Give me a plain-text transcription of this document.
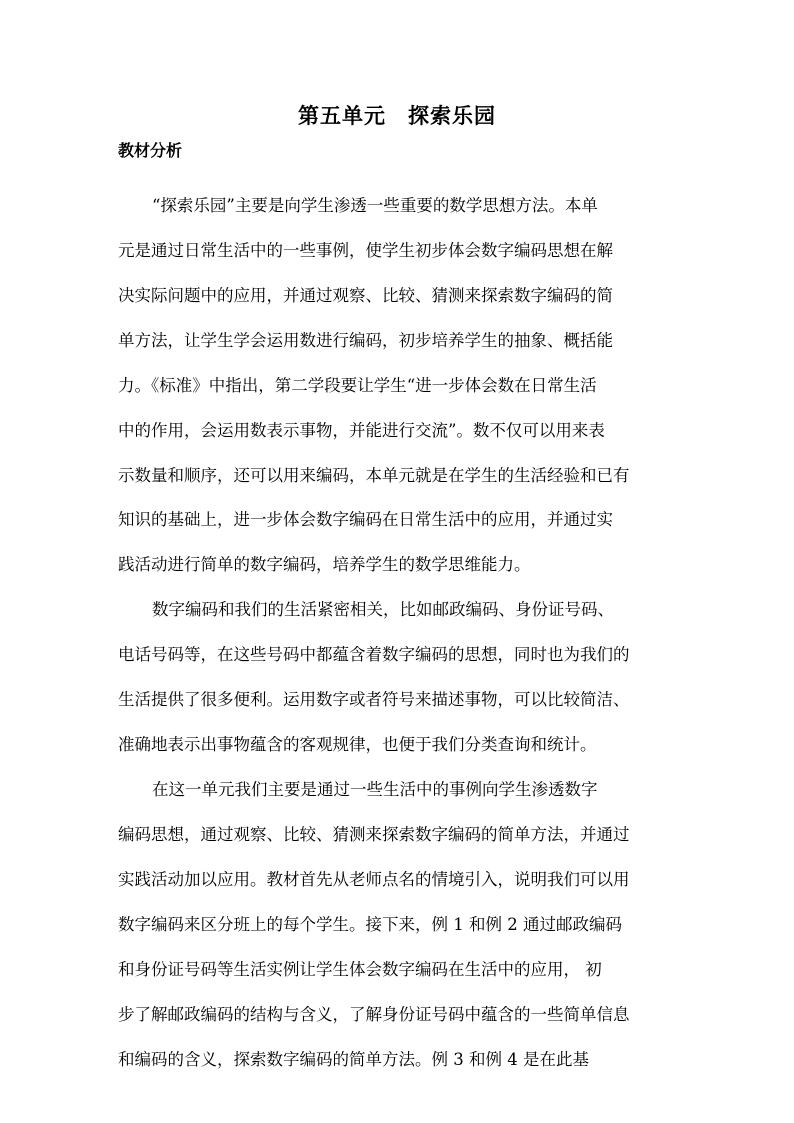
第五单元　探索乐园
教材分析
“探索乐园”主要是向学生渗透一些重要的数学思想方法。本单
元是通过日常生活中的一些事例，使学生初步体会数字编码思想在解
决实际问题中的应用，并通过观察、比较、猜测来探索数字编码的简
单方法，让学生学会运用数进行编码，初步培养学生的抽象、概括能
力。《标准》中指出，第二学段要让学生“进一步体会数在日常生活
中的作用，会运用数表示事物，并能进行交流”。数不仅可以用来表
示数量和顺序，还可以用来编码，本单元就是在学生的生活经验和已有
知识的基础上，进一步体会数字编码在日常生活中的应用，并通过实
践活动进行简单的数字编码，培养学生的数学思维能力。
数字编码和我们的生活紧密相关，比如邮政编码、身份证号码、
电话号码等，在这些号码中都蕴含着数字编码的思想，同时也为我们的
生活提供了很多便利。运用数字或者符号来描述事物，可以比较简洁、
准确地表示出事物蕴含的客观规律，也便于我们分类查询和统计。
在这一单元我们主要是通过一些生活中的事例向学生渗透数字
编码思想，通过观察、比较、猜测来探索数字编码的简单方法，并通过
实践活动加以应用。教材首先从老师点名的情境引入，说明我们可以用
数字编码来区分班上的每个学生。接下来，例 1 和例 2 通过邮政编码
和身份证号码等生活实例让学生体会数字编码在生活中的应用， 初
步了解邮政编码的结构与含义，了解身份证号码中蕴含的一些简单信息
和编码的含义，探索数字编码的简单方法。例 3 和例 4 是在此基
